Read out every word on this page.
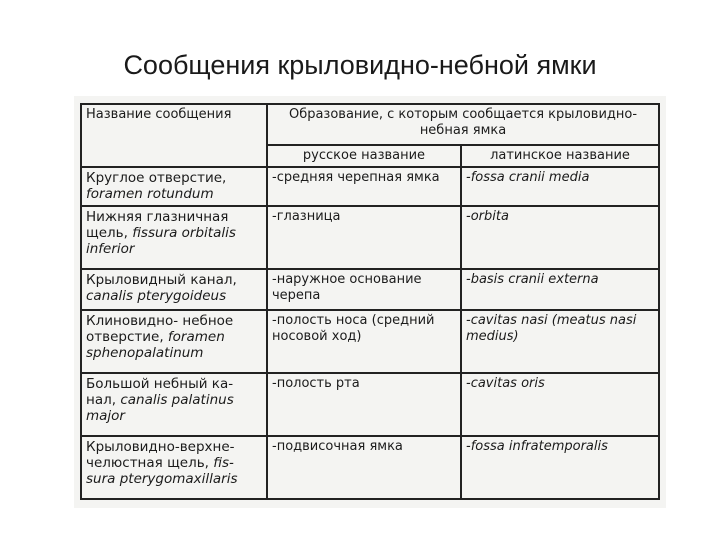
Сообщения крыловидно-небной ямки
Название сообщения	Образование, с которым сообщается крыловидно-небная ямка	
	русское название	латинское название
Круглое отверстие, foramen rotundum	-средняя черепная ямка	-fossa cranii media
Нижняя глазничная щель, fissura orbitalis inferior	-глазница	-orbita
Крыловидный канал, canalis pterygoideus	-наружное основание черепа	-basis cranii externa
Клиновидно- небное отверстие, foramen sphenopalatinum	-полость носа (средний носовой ход)	-cavitas nasi (meatus nasi medius)
Большой небный ка-нал, canalis palatinus major	-полость рта	-cavitas oris
Крыловидно-верхне-челюстная щель, fis-sura pterygomaxillaris	-подвисочная ямка	-fossa infratemporalis
